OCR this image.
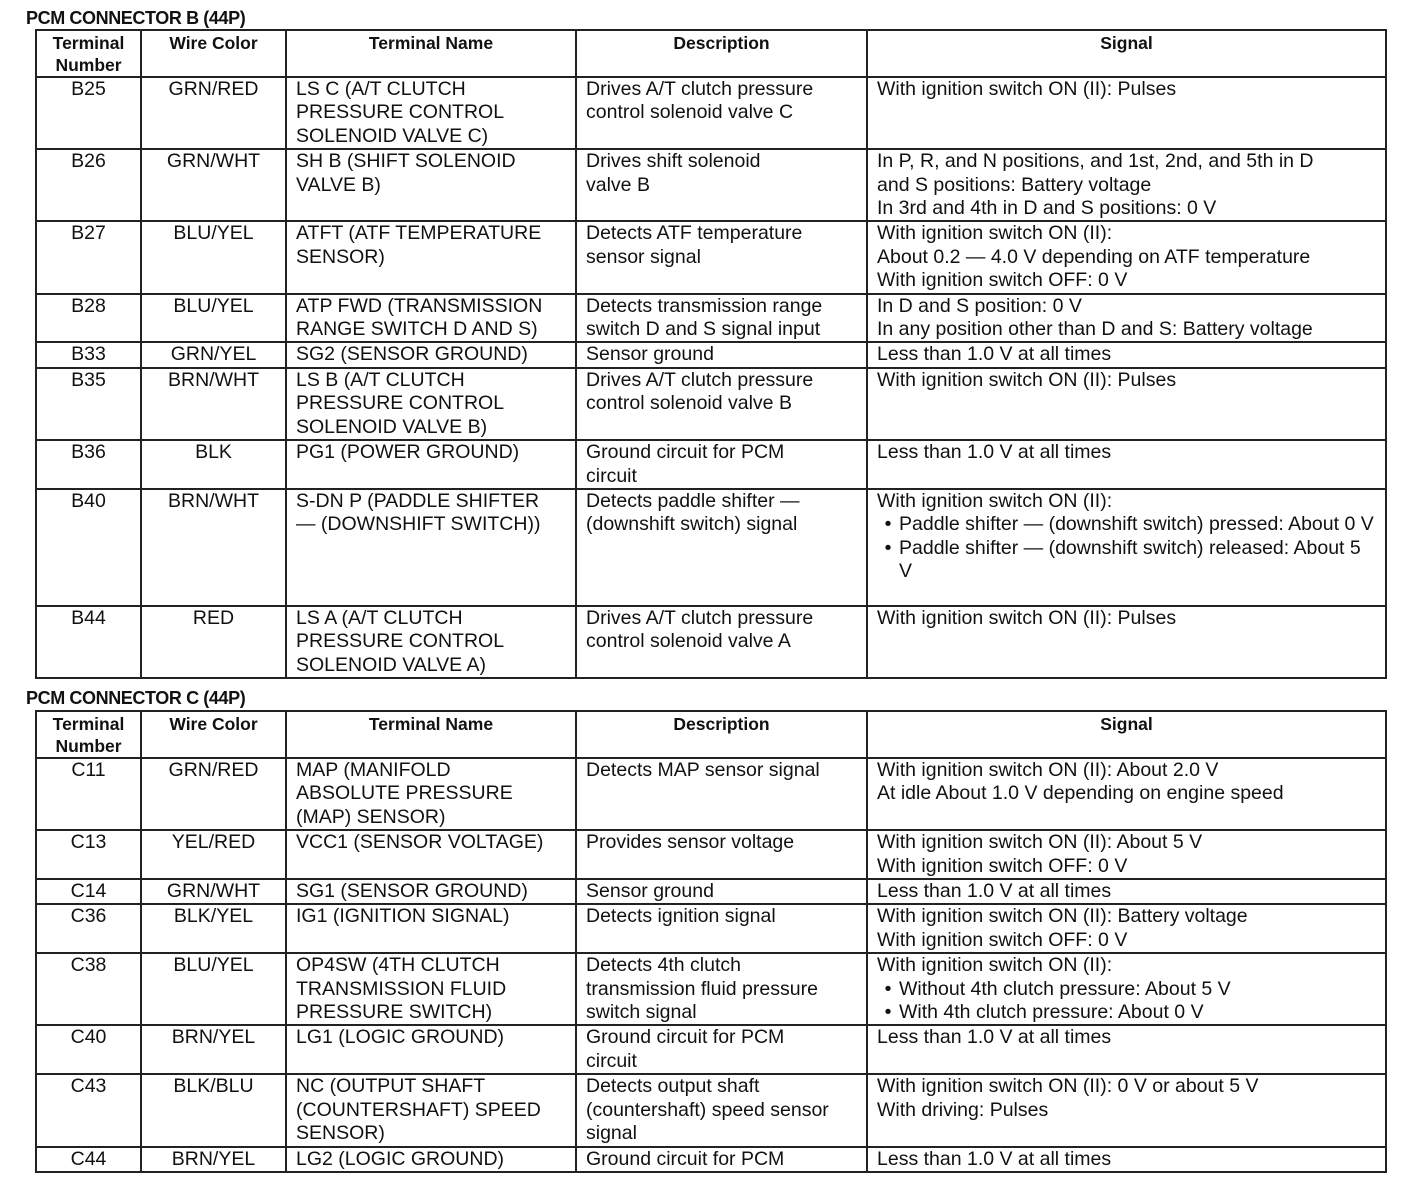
PCM CONNECTOR B (44P)
Terminal
Number	Wire Color	Terminal Name	Description	Signal
B25	GRN/RED	LS C (A/T CLUTCH
PRESSURE CONTROL
SOLENOID VALVE C)	Drives A/T clutch pressure
control solenoid valve C	With ignition switch ON (II): Pulses

B26	GRN/WHT	SH B (SHIFT SOLENOID
VALVE B)	Drives shift solenoid
valve B	In P, R, and N positions, and 1st, 2nd, and 5th in D
and S positions: Battery voltage
In 3rd and 4th in D and S positions: 0 V

B27	BLU/YEL	ATFT (ATF TEMPERATURE
SENSOR)	Detects ATF temperature
sensor signal	With ignition switch ON (II):
About 0.2 — 4.0 V depending on ATF temperature
With ignition switch OFF: 0 V

B28	BLU/YEL	ATP FWD (TRANSMISSION
RANGE SWITCH D AND S)	Detects transmission range
switch D and S signal input	In D and S position: 0 V
In any position other than D and S: Battery voltage

B33	GRN/YEL	SG2 (SENSOR GROUND)	Sensor ground	Less than 1.0 V at all times

B35	BRN/WHT	LS B (A/T CLUTCH
PRESSURE CONTROL
SOLENOID VALVE B)	Drives A/T clutch pressure
control solenoid valve B	With ignition switch ON (II): Pulses

B36	BLK	PG1 (POWER GROUND)	Ground circuit for PCM
circuit	Less than 1.0 V at all times

B40	BRN/WHT	S-DN P (PADDLE SHIFTER
— (DOWNSHIFT SWITCH))	Detects paddle shifter —
(downshift switch) signal	With ignition switch ON (II):
• Paddle shifter — (downshift switch) pressed: About 0 V
• Paddle shifter — (downshift switch) released: About 5 V

B44	RED	LS A (A/T CLUTCH
PRESSURE CONTROL
SOLENOID VALVE A)	Drives A/T clutch pressure
control solenoid valve A	With ignition switch ON (II): Pulses
PCM CONNECTOR C (44P)
Terminal
Number	Wire Color	Terminal Name	Description	Signal
C11	GRN/RED	MAP (MANIFOLD
ABSOLUTE PRESSURE
(MAP) SENSOR)	Detects MAP sensor signal	With ignition switch ON (II): About 2.0 V
At idle About 1.0 V depending on engine speed

C13	YEL/RED	VCC1 (SENSOR VOLTAGE)	Provides sensor voltage	With ignition switch ON (II): About 5 V
With ignition switch OFF: 0 V

C14	GRN/WHT	SG1 (SENSOR GROUND)	Sensor ground	Less than 1.0 V at all times

C36	BLK/YEL	IG1 (IGNITION SIGNAL)	Detects ignition signal	With ignition switch ON (II): Battery voltage
With ignition switch OFF: 0 V

C38	BLU/YEL	OP4SW (4TH CLUTCH
TRANSMISSION FLUID
PRESSURE SWITCH)	Detects 4th clutch
transmission fluid pressure
switch signal	With ignition switch ON (II):
• Without 4th clutch pressure: About 5 V
• With 4th clutch pressure: About 0 V

C40	BRN/YEL	LG1 (LOGIC GROUND)	Ground circuit for PCM
circuit	Less than 1.0 V at all times

C43	BLK/BLU	NC (OUTPUT SHAFT
(COUNTERSHAFT) SPEED
SENSOR)	Detects output shaft
(countershaft) speed sensor
signal	With ignition switch ON (II): 0 V or about 5 V
With driving: Pulses

C44	BRN/YEL	LG2 (LOGIC GROUND)	Ground circuit for PCM	Less than 1.0 V at all times
